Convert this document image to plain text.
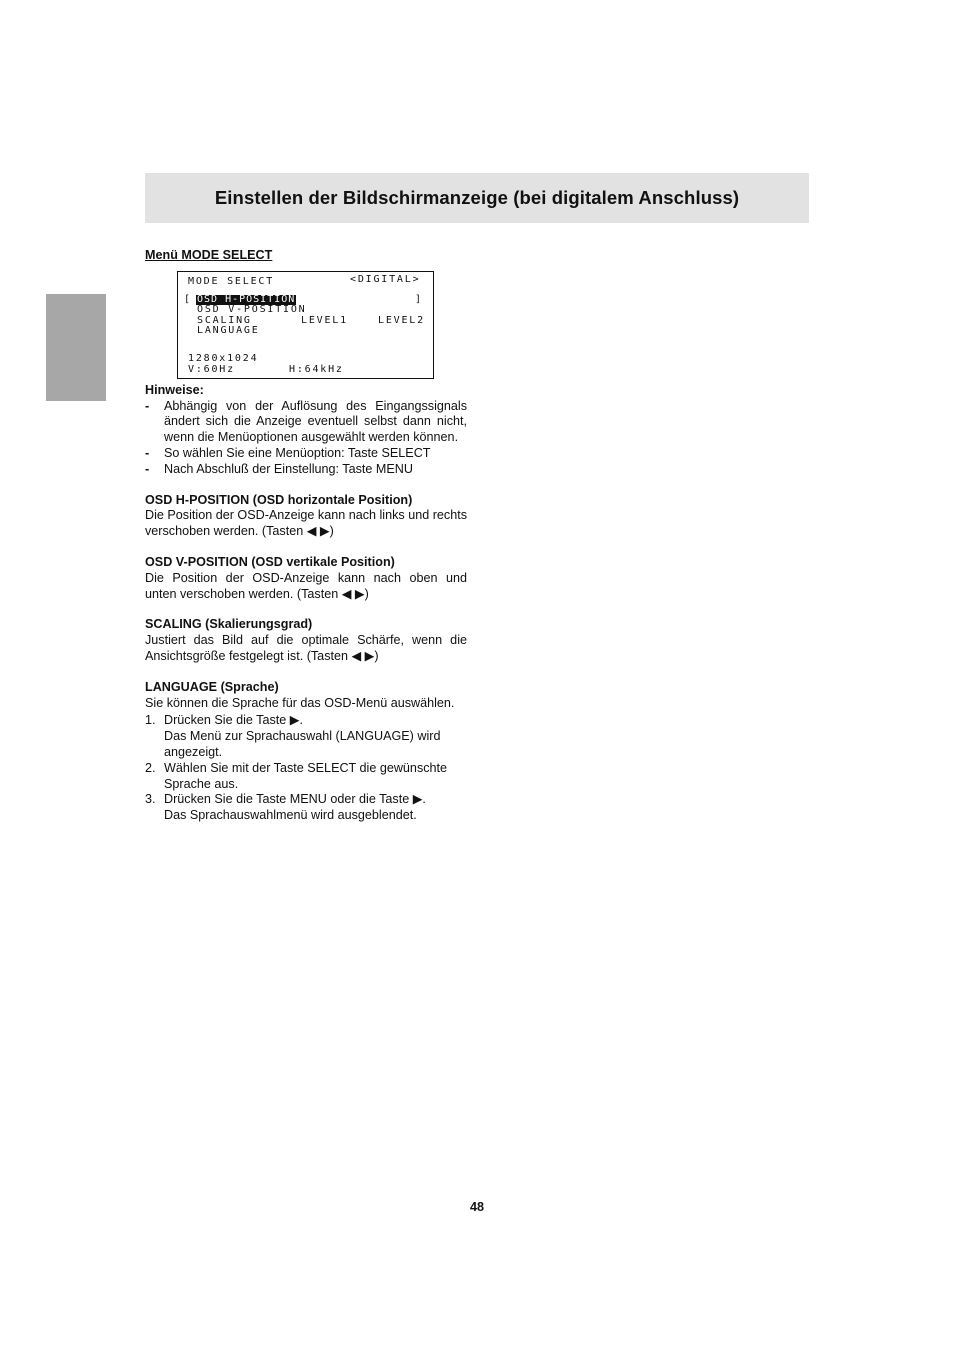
Einstellen der Bildschirmanzeige (bei digitalem Anschluss)
Menü MODE SELECT
MODE SELECT	<DIGITAL>
[ OSD H-POSITION	]
OSD V-POSITION
SCALING	LEVEL1	LEVEL2
LANGUAGE
1280x1024
V:60Hz	H:64kHz
Hinweise:
- Abhängig von der Auflösung des Eingangssignals ändert sich die Anzeige eventuell selbst dann nicht, wenn die Menüoptionen ausgewählt werden können.
- So wählen Sie eine Menüoption: Taste SELECT
- Nach Abschluß der Einstellung: Taste MENU
OSD H-POSITION (OSD horizontale Position)

Die Position der OSD-Anzeige kann nach links und rechts verschoben werden. (Tasten ◀ ▶)

OSD V-POSITION (OSD vertikale Position)

Die Position der OSD-Anzeige kann nach oben und unten verschoben werden. (Tasten ◀ ▶)

SCALING (Skalierungsgrad)

Justiert das Bild auf die optimale Schärfe, wenn die Ansichtsgröße festgelegt ist. (Tasten ◀ ▶)

LANGUAGE (Sprache)

Sie können die Sprache für das OSD-Menü auswählen.

1. Drücken Sie die Taste ▶.
Das Menü zur Sprachauswahl (LANGUAGE) wird angezeigt.
2. Wählen Sie mit der Taste SELECT die gewünschte Sprache aus.
3. Drücken Sie die Taste MENU oder die Taste ▶.
Das Sprachauswahlmenü wird ausgeblendet.
48
